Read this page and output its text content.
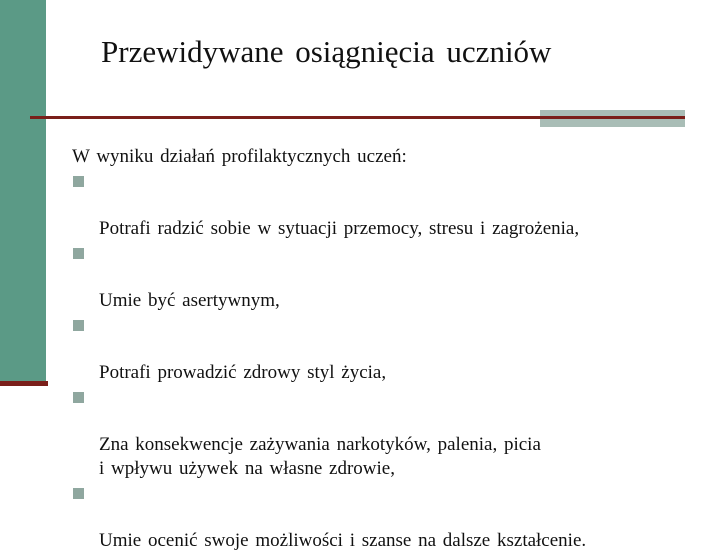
Przewidywane osiągnięcia uczniów
W wyniku działań profilaktycznych uczeń:

Potrafi radzić sobie w sytuacji przemocy, stresu i zagrożenia,

Umie być asertywnym,

Potrafi prowadzić zdrowy styl życia,

Zna konsekwencje zażywania narkotyków, palenia, picia
i wpływu używek na własne zdrowie,

Umie ocenić swoje możliwości i szanse na dalsze kształcenie.
